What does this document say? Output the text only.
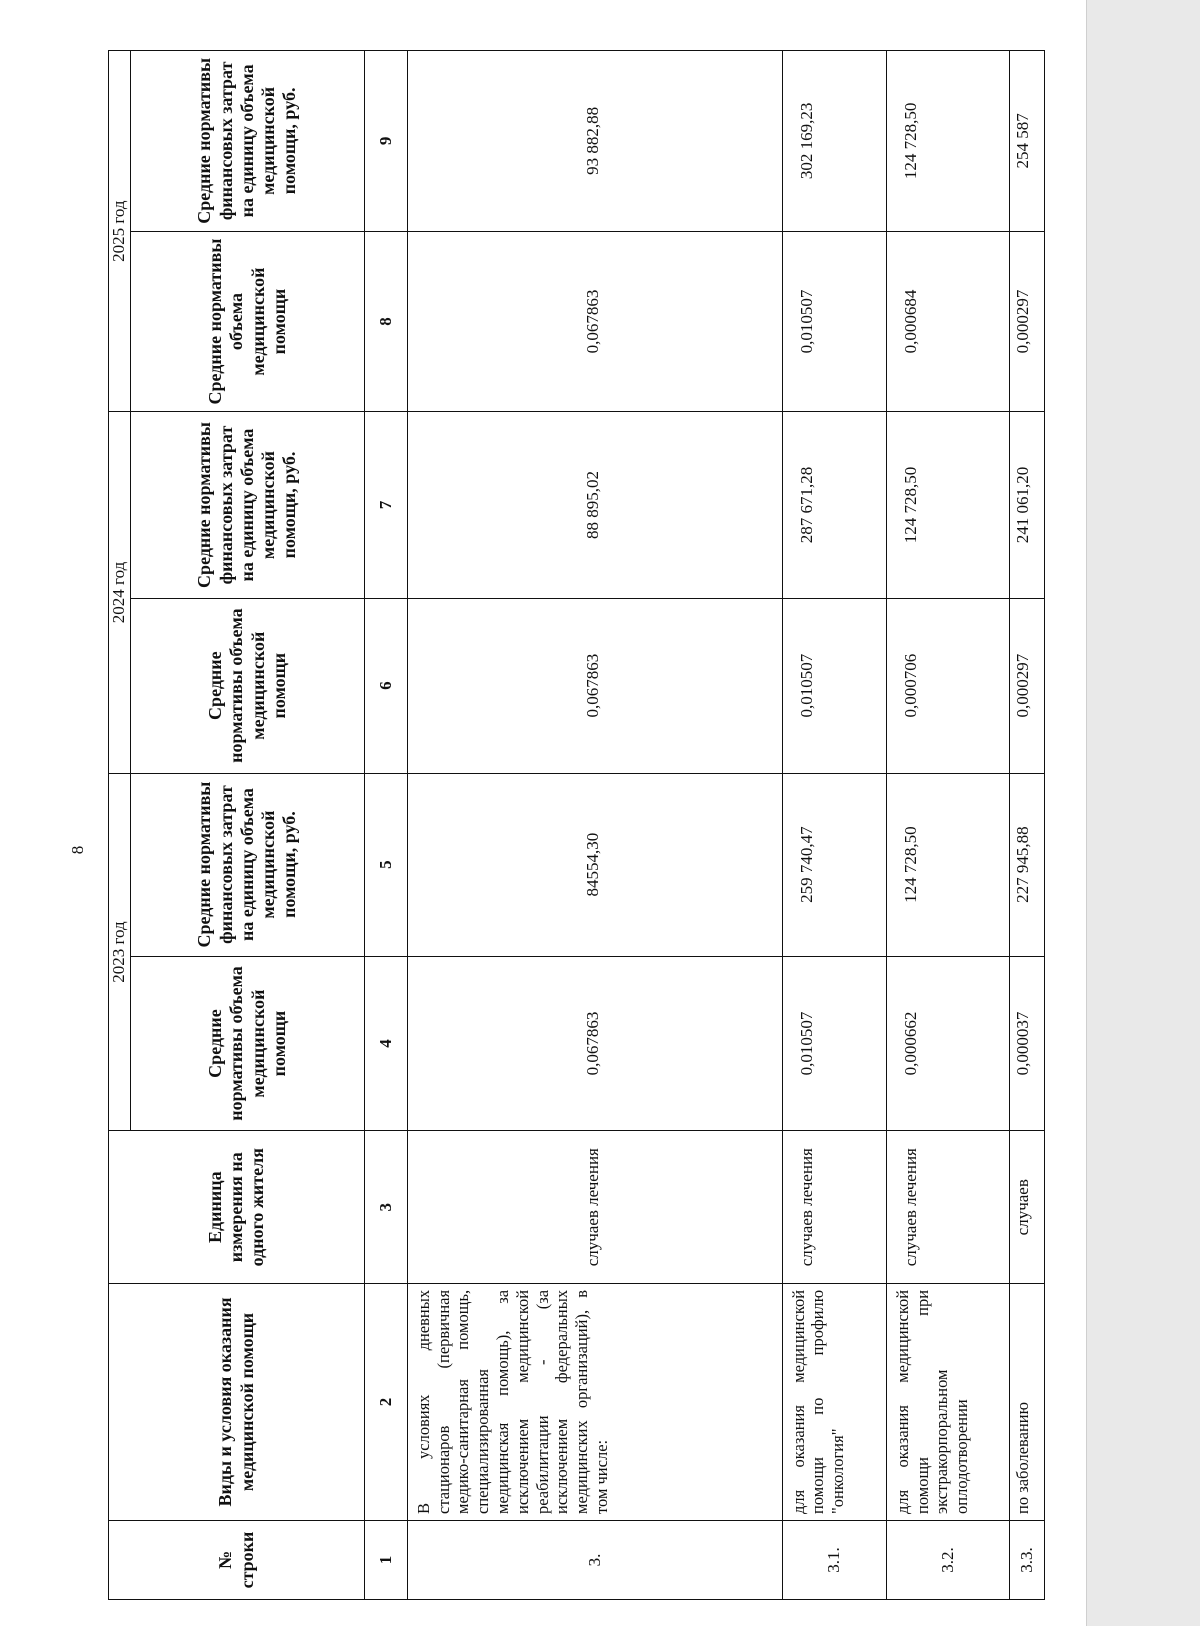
8
№ строки	Виды и условия оказания медицинской помощи	Единица измерения на одного жителя	2023 год		2024 год		2025 год	
			Средние нормативы объема медицинской помощи	Средние нормативы финансовых затрат на единицу объема медицинской помощи, руб.	Средние нормативы объема медицинской помощи	Средние нормативы финансовых затрат на единицу объема медицинской помощи, руб.	Средние нормативы объема медицинской помощи	Средние нормативы финансовых затрат на единицу объема медицинской помощи, руб.
1	2	3	4	5	6	7	8	9
3.	В условиях дневных стационаров (первичная медико-санитарная помощь, специализированная медицинская помощь), за исключением медицинской реабилитации - (за исключением федеральных медицинских организаций), в том числе:	случаев лечения	0,067863	84554,30	0,067863	88 895,02	0,067863	93 882,88
3.1.	для оказания медицинской помощи по профилю "онкология"	случаев лечения	0,010507	259 740,47	0,010507	287 671,28	0,010507	302 169,23
3.2.	для оказания медицинской помощи при экстракорпоральном оплодотворении	случаев лечения	0,000662	124 728,50	0,000706	124 728,50	0,000684	124 728,50
3.3.	по заболеванию	случаев	0,000037	227 945,88	0,000297	241 061,20	0,000297	254 587
